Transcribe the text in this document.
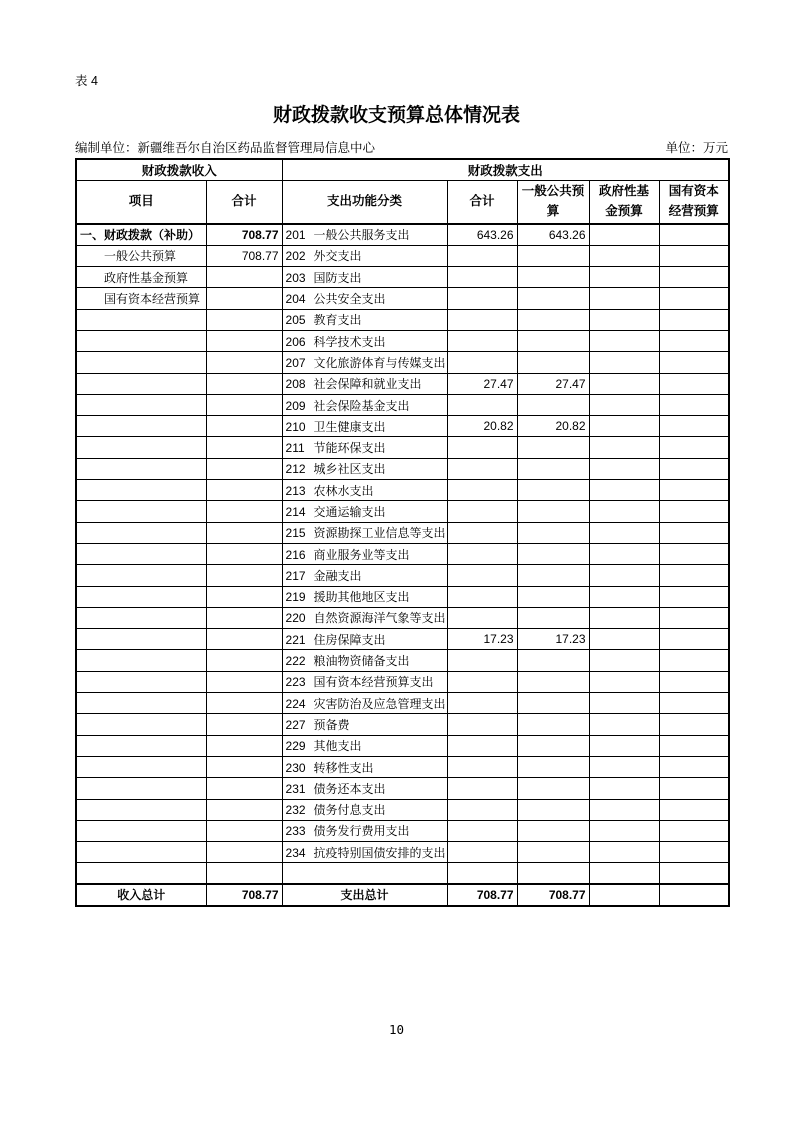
表 4
财政拨款收支预算总体情况表
编制单位：新疆维吾尔自治区药品监督管理局信息中心	单位：万元
财政拨款收入		财政拨款支出				
项目	合计	支出功能分类	合计	一般公共预算	政府性基金预算	国有资本经营预算
一、财政拨款（补助）	708.77	201 一般公共服务支出	643.26	643.26		
一般公共预算	708.77	202 外交支出				
政府性基金预算		203 国防支出				
国有资本经营预算		204 公共安全支出				
		205 教育支出				
		206 科学技术支出				
		207 文化旅游体育与传媒支出				
		208 社会保障和就业支出	27.47	27.47		
		209 社会保险基金支出				
		210 卫生健康支出	20.82	20.82		
		211 节能环保支出				
		212 城乡社区支出				
		213 农林水支出				
		214 交通运输支出				
		215 资源勘探工业信息等支出				
		216 商业服务业等支出				
		217 金融支出				
		219 援助其他地区支出				
		220 自然资源海洋气象等支出				
		221 住房保障支出	17.23	17.23		
		222 粮油物资储备支出				
		223 国有资本经营预算支出				
		224 灾害防治及应急管理支出				
		227 预备费				
		229 其他支出				
		230 转移性支出				
		231 债务还本支出				
		232 债务付息支出				
		233 债务发行费用支出				
		234 抗疫特别国债安排的支出				

收入总计	708.77	支出总计	708.77	708.77		
10
